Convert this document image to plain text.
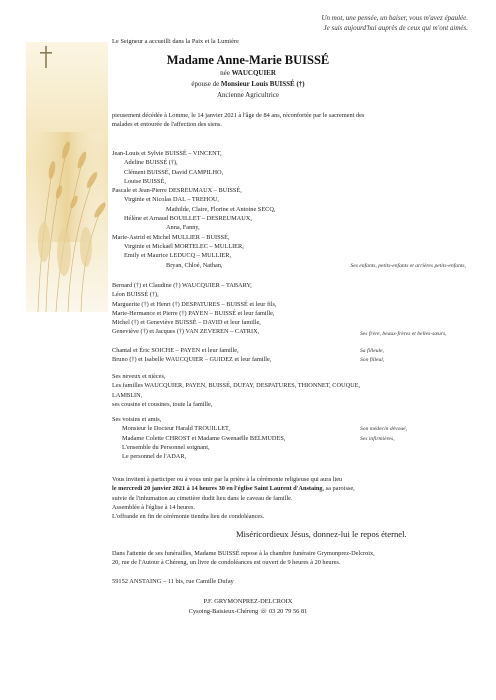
Un mot, une pensée, un baiser, vous m'avez épaulée.
Je suis aujourd'hui auprès de ceux qui m'ont aimés.
Le Seigneur a accueilli dans la Paix et la Lumière
Madame Anne-Marie BUISSÉ
née WAUCQUIER
épouse de Monsieur Louis BUISSÉ (†)
Ancienne Agricultrice
pieusement décédée à Lomme, le 14 janvier 2021 à l'âge de 84 ans, réconfortée par le sacrement des
malades et entourée de l'affection des siens.
Jean-Louis et Sylvie BUISSÉ – VINCENT,
Adeline BUISSÉ (†),
Clément BUISSÉ, David CAMPILHO,
Louise BUISSÉ,
Pascale et Jean-Pierre DESREUMAUX – BUISSÉ,
Virginie et Nicolas DAL – TREHOU,
Mathilde, Claire, Florine et Antoine SECQ,
Hélène et Arnaud BOUILLET – DESREUMAUX,
Anna, Fanny,
Marie-Astrid et Michel MULLIER – BUISSÉ,
Virginie et Mickaël MORTELEC – MULLIER,
Emily et Maurice LEDUCQ – MULLIER,
Bryan, Chloé, Nathan,	Ses enfants, petits-enfants et arrières petits-enfants,
Bernard (†) et Claudine (†) WAUCQUIER – TABARY,
Léon BUISSÉ (†),
Marguerite (†) et Henri (†) DESPATURES – BUISSÉ et leur fils,
Marie-Hermance et Pierre (†) PAYEN – BUISSÉ et leur famille,
Michel (†) et Geneviève BUISSÉ – DAVID et leur famille,
Geneviève (†) et Jacques (†) VAN ZEVEREN – CATRIX,	Ses frère, beaux-frères et belles-sœurs,
Chantal et Éric SOICHE – PAYEN et leur famille,
Bruno (†) et Isabelle WAUCQUIER – GUIDEZ et leur famille,
Sa filleule,
Son filleul,
Ses neveux et nièces,
Les familles WAUCQUIER, PAYEN, BUISSÉ, DUFAY, DESPATURES, THIONNET, COUQUE,
LAMBLIN,
ses cousins et cousines, toute la famille,
Ses voisins et amis,
Monsieur le Docteur Harald TROUILLET,
Madame Colette CHROST et Madame Gwenaëlle BELMUDES,
L'ensemble du Personnel soignant,
Le personnel de l'ADAR,
Son médecin dévoué,
Ses infirmières,
Vous invitent à participer ou à vous unir par la prière à la cérémonie religieuse qui aura lieu
le mercredi 20 janvier 2021 à 14 heures 30 en l'église Saint Laurent d'Anstaing, sa paroisse,
suivie de l'inhumation au cimetière dudit lieu dans le caveau de famille.
Assemblée à l'église à 14 heures.
L'offrande en fin de cérémonie tiendra lieu de condoléances.
Miséricordieux Jésus, donnez-lui le repos éternel.
Dans l'attente de ses funérailles, Madame BUISSÉ repose à la chambre funéraire Grymonprez-Delcroix,
20, rue de l'Autour à Chéreng, un livre de condoléances est ouvert de 9 heures à 20 heures.
59152 ANSTAING – 11 bis, rue Camille Dufay
P.F. GRYMONPREZ-DELCROIX
Cysoing-Baisieux-Chéreng ☏ 03 20 79 56 81
